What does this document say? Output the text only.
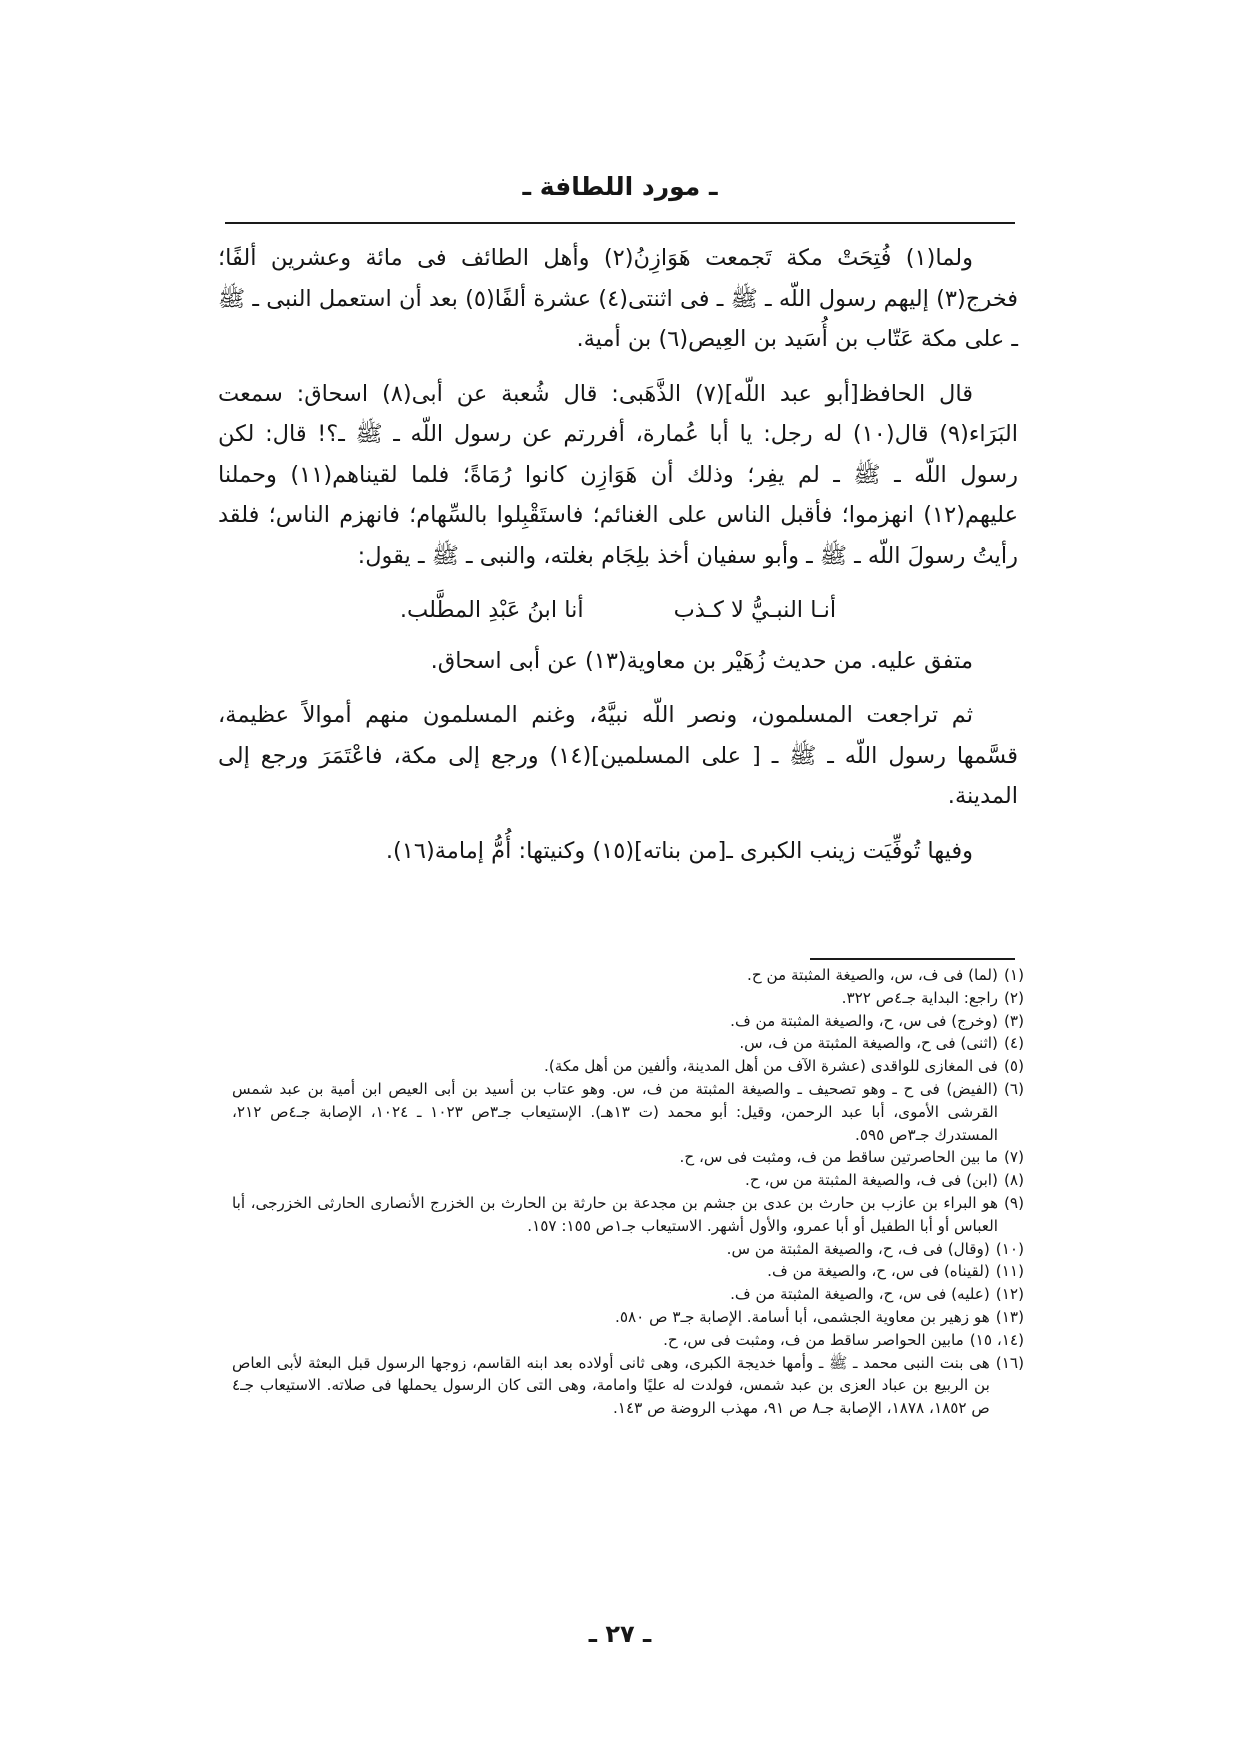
ـ مورد اللطافة ـ

ولما(١) فُتِحَتْ مكة تَجمعت هَوَازِنُ(٢) وأهل الطائف فى مائة وعشرين ألفًا؛ فخرج(٣) إليهم رسول اللّه ـ ﷺ ـ فى اثنتى(٤) عشرة ألفًا(٥) بعد أن استعمل النبى ـ ﷺ ـ على مكة عَتّاب بن أُسَيد بن العِيص(٦) بن أمية.

قال الحافظ[أبو عبد اللّه](٧) الذَّهَبى: قال شُعبة عن أبى(٨) اسحاق: سمعت البَرَاء(٩) قال(١٠) له رجل: يا أبا عُمارة، أفررتم عن رسول اللّه ـ ﷺ ـ؟! قال: لكن رسول اللّه ـ ﷺ ـ لم يفِر؛ وذلك أن هَوَازِن كانوا رُمَاةً؛ فلما لقيناهم(١١) وحملنا عليهم(١٢) انهزموا؛ فأقبل الناس على الغنائم؛ فاستَقْبِلوا بالسِّهام؛ فانهزم الناس؛ فلقد رأيتُ رسولَ اللّه ـ ﷺ ـ وأبو سفيان أخذ بلِجَام بغلته، والنبى ـ ﷺ ـ يقول:

أنـا النبـيُّ لا كـذب
أنا ابنُ عَبْدِ المطَّلب.

متفق عليه. من حديث زُهَيْر بن معاوية(١٣) عن أبى اسحاق.

ثم تراجعت المسلمون، ونصر اللّه نبيَّهُ، وغنم المسلمون منهم أموالاً عظيمة، قسَّمها رسول اللّه ـ ﷺ ـ [ على المسلمين](١٤) ورجع إلى مكة، فاعْتَمَرَ ورجع إلى المدينة.

وفيها تُوفِّيَت زينب الكبرى ـ[من بناته](١٥) وكنيتها: أُمُّ إمامة(١٦).

(١)
(لما) فى ف، س، والصيغة المثبتة من ح.
(٢)
راجع: البداية جـ٤ص ٣٢٢.
(٣)
(وخرج) فى س، ح، والصيغة المثبتة من ف.
(٤)
(اثنى) فى ح، والصيغة المثبتة من ف، س.
(٥)
فى المغازى للواقدى (عشرة الآف من أهل المدينة، وألفين من أهل مكة).
(٦)
(الفيض) فى ح ـ وهو تصحيف ـ والصيغة المثبتة من ف، س. وهو عتاب بن أسيد بن أبى العيص ابن أمية بن عبد شمس القرشى الأموى، أبا عبد الرحمن، وقيل: أبو محمد (ت ١٣هـ). الإستيعاب جـ٣ص ١٠٢٣ ـ ١٠٢٤، الإصابة جـ٤ص ٢١٢، المستدرك جـ٣ص ٥٩٥.
(٧)
ما بين الحاصرتين ساقط من ف، ومثبت فى س، ح.
(٨)
(ابن) فى ف، والصيغة المثبتة من س، ح.
(٩)
هو البراء بن عازب بن حارث بن عدى بن جشم بن مجدعة بن حارثة بن الحارث بن الخزرج الأنصارى الحارثى الخزرجى، أبا العباس أو أبا الطفيل أو أبا عمرو، والأول أشهر. الاستيعاب جـ١ص ١٥٥: ١٥٧.
(١٠)
(وقال) فى ف، ح، والصيغة المثبتة من س.
(١١)
(لقيناه) فى س، ح، والصيغة من ف.
(١٢)
(عليه) فى س، ح، والصيغة المثبتة من ف.
(١٣)
هو زهير بن معاوية الجشمى، أبا أسامة. الإصابة جـ٣ ص ٥٨٠.
(١٤، ١٥)
مابين الحواصر ساقط من ف، ومثبت فى س، ح.
(١٦)
هى بنت النبى محمد ـ ﷺ ـ وأمها خديجة الكبرى، وهى ثانى أولاده بعد ابنه القاسم، زوجها الرسول قبل البعثة لأبى العاص بن الربيع بن عباد العزى بن عبد شمس، فولدت له عليًا وامامة، وهى التى كان الرسول يحملها فى صلاته. الاستيعاب جـ٤ ص ١٨٥٢، ١٨٧٨، الإصابة جـ٨ ص ٩١، مهذب الروضة ص ١٤٣.
ـ ٢٧ ـ
